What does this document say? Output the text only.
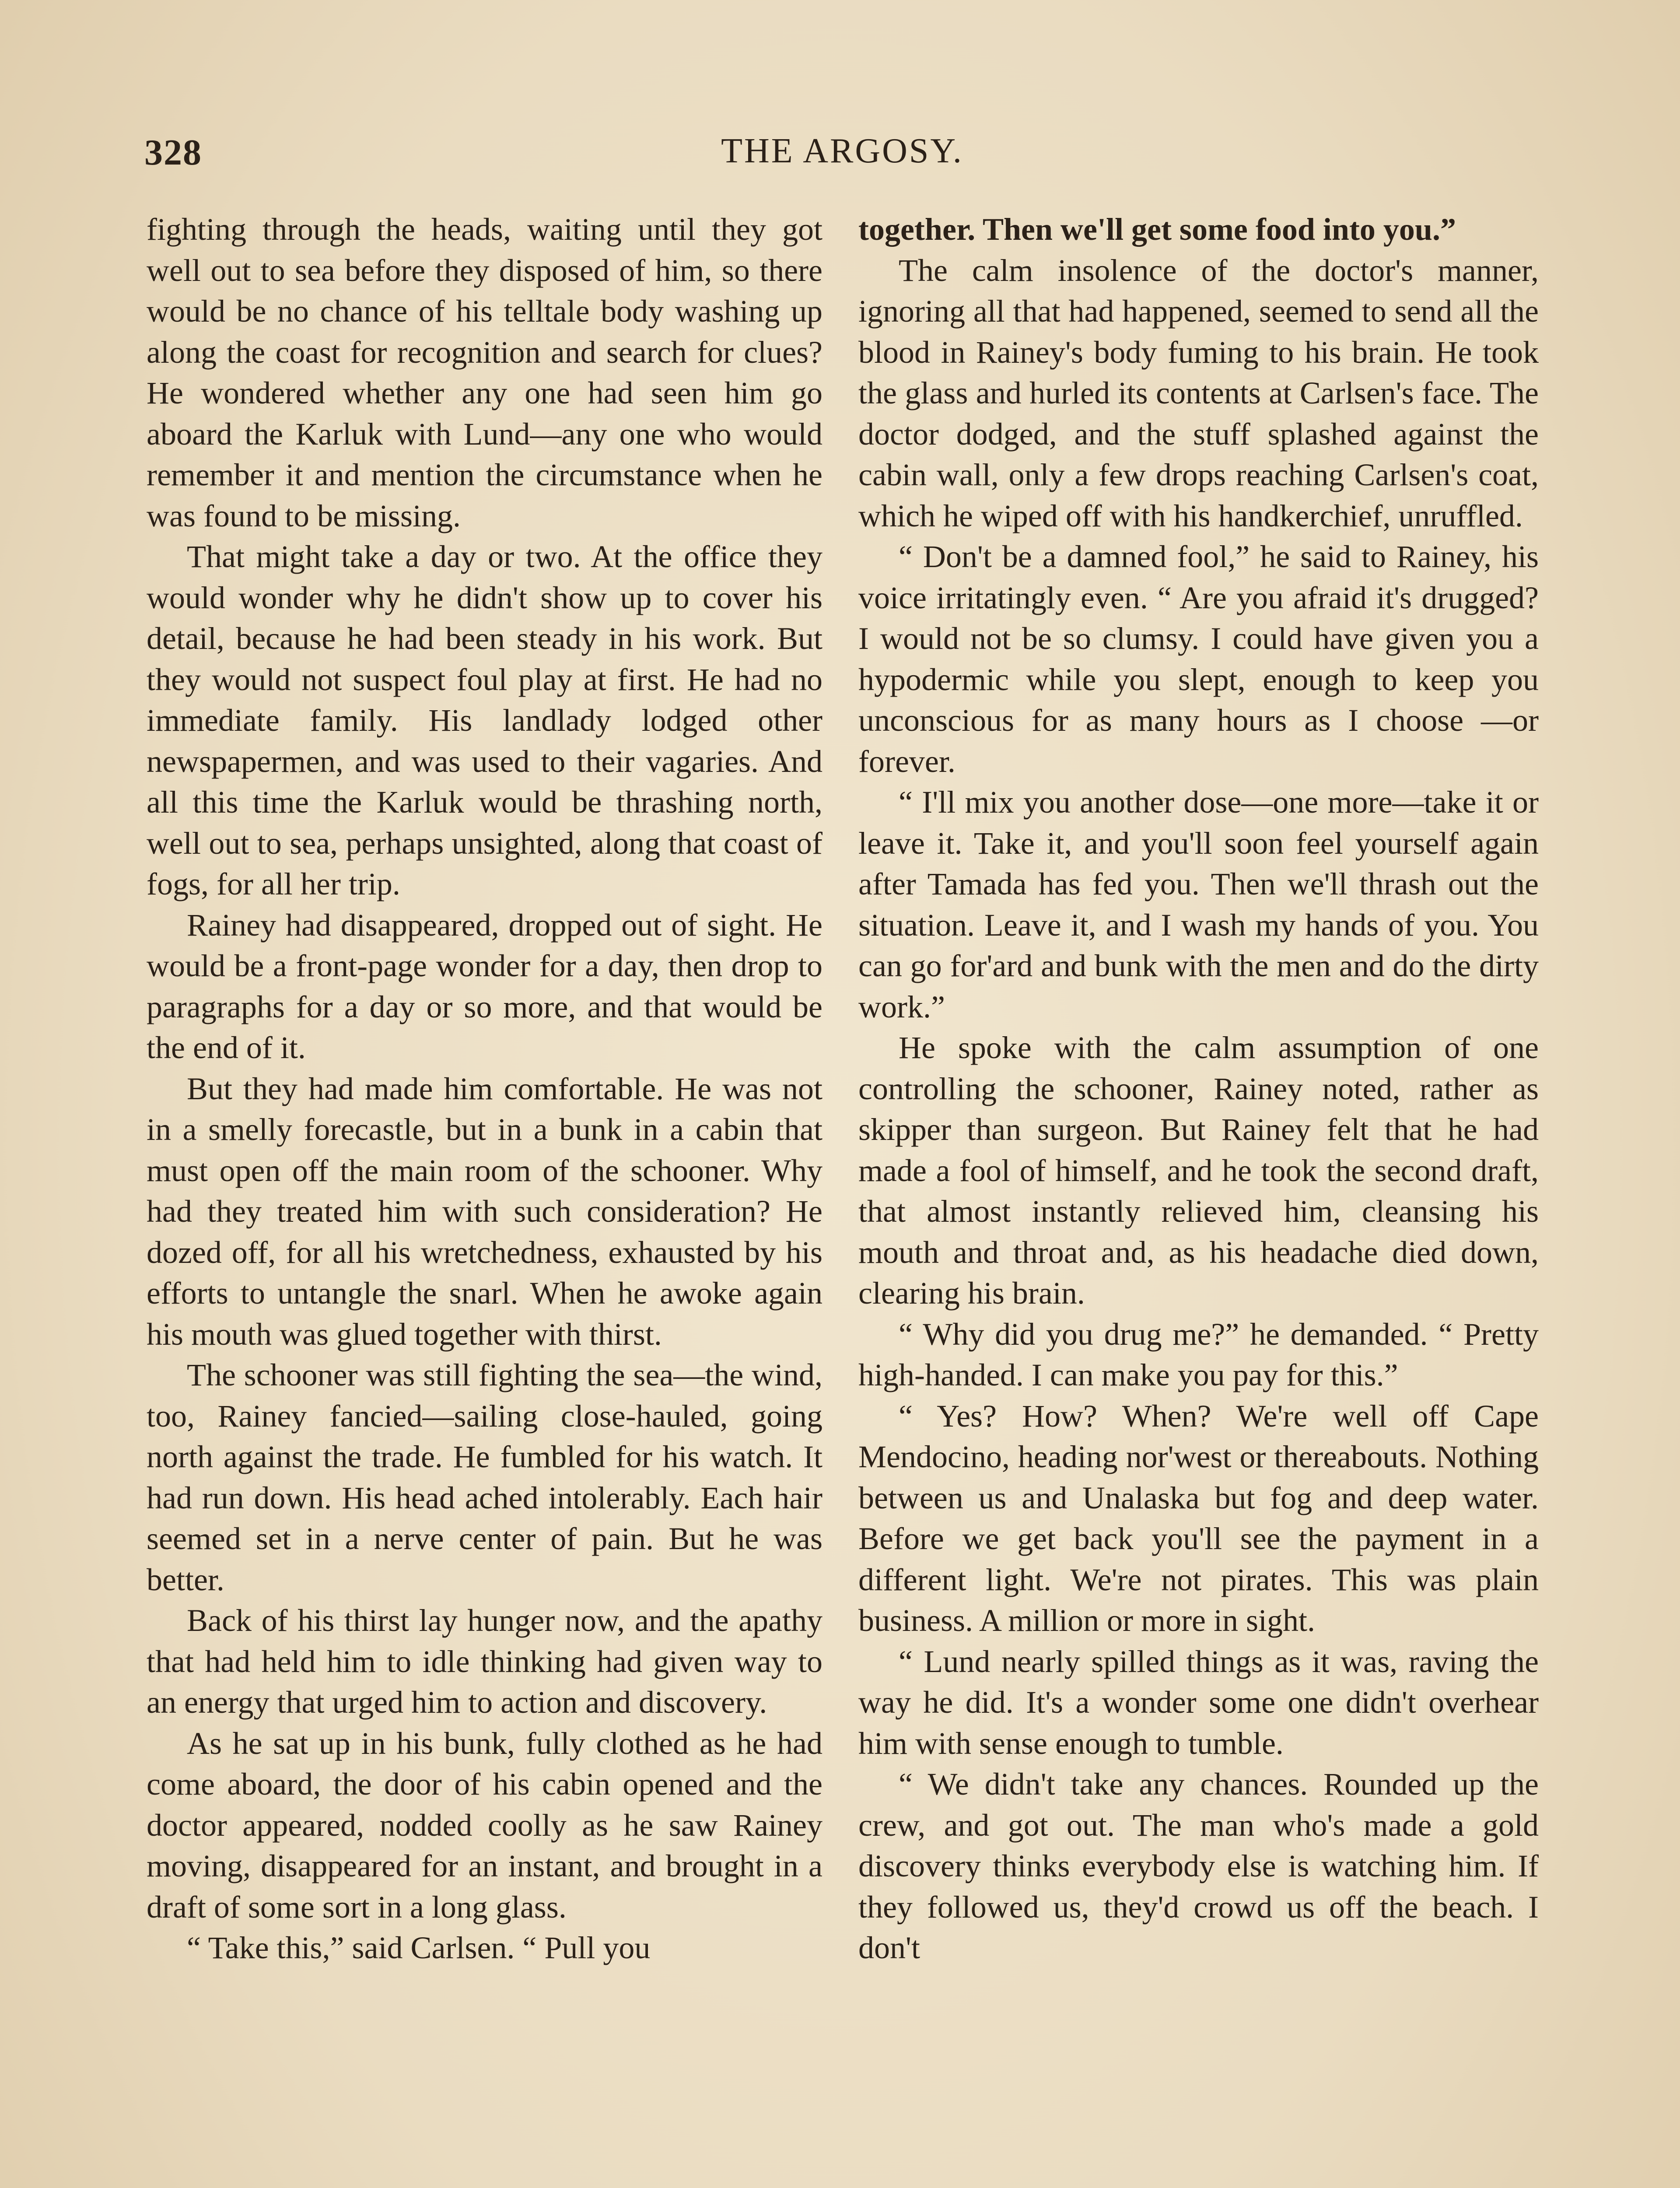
328	THE ARGOSY.

fighting through the heads, waiting until they got well out to sea before they disposed of him, so there would be no chance of his telltale body washing up along the coast for recognition and search for clues? He wondered whether any one had seen him go aboard the Karluk with Lund—any one who would remember it and mention the circumstance when he was found to be missing.

That might take a day or two. At the office they would wonder why he didn't show up to cover his detail, because he had been steady in his work. But they would not suspect foul play at first. He had no immediate family. His landlady lodged other newspapermen, and was used to their vagaries. And all this time the Karluk would be thrashing north, well out to sea, perhaps unsighted, along that coast of fogs, for all her trip.

Rainey had disappeared, dropped out of sight. He would be a front-page wonder for a day, then drop to paragraphs for a day or so more, and that would be the end of it.

But they had made him comfortable. He was not in a smelly forecastle, but in a bunk in a cabin that must open off the main room of the schooner. Why had they treated him with such consideration? He dozed off, for all his wretchedness, exhausted by his efforts to untangle the snarl. When he awoke again his mouth was glued together with thirst.

The schooner was still fighting the sea—the wind, too, Rainey fancied—sailing close-hauled, going north against the trade. He fumbled for his watch. It had run down. His head ached intolerably. Each hair seemed set in a nerve center of pain. But he was better.

Back of his thirst lay hunger now, and the apathy that had held him to idle thinking had given way to an energy that urged him to action and discovery.

As he sat up in his bunk, fully clothed as he had come aboard, the door of his cabin opened and the doctor appeared, nodded coolly as he saw Rainey moving, disappeared for an instant, and brought in a draft of some sort in a long glass.

“ Take this,” said Carlsen. “ Pull you

together. Then we'll get some food into you.”

The calm insolence of the doctor's manner, ignoring all that had happened, seemed to send all the blood in Rainey's body fuming to his brain. He took the glass and hurled its contents at Carlsen's face. The doctor dodged, and the stuff splashed against the cabin wall, only a few drops reaching Carlsen's coat, which he wiped off with his handkerchief, unruffled.

“ Don't be a damned fool,” he said to Rainey, his voice irritatingly even. “ Are you afraid it's drugged? I would not be so clumsy. I could have given you a hypodermic while you slept, enough to keep you unconscious for as many hours as I choose —or forever.

“ I'll mix you another dose—one more—take it or leave it. Take it, and you'll soon feel yourself again after Tamada has fed you. Then we'll thrash out the situation. Leave it, and I wash my hands of you. You can go for'ard and bunk with the men and do the dirty work.”

He spoke with the calm assumption of one controlling the schooner, Rainey noted, rather as skipper than surgeon. But Rainey felt that he had made a fool of himself, and he took the second draft, that almost instantly relieved him, cleansing his mouth and throat and, as his headache died down, clearing his brain.

“ Why did you drug me?” he demanded. “ Pretty high-handed. I can make you pay for this.”

“ Yes? How? When? We're well off Cape Mendocino, heading nor'west or thereabouts. Nothing between us and Unalaska but fog and deep water. Before we get back you'll see the payment in a different light. We're not pirates. This was plain business. A million or more in sight.

“ Lund nearly spilled things as it was, raving the way he did. It's a wonder some one didn't overhear him with sense enough to tumble.

“ We didn't take any chances. Rounded up the crew, and got out. The man who's made a gold discovery thinks everybody else is watching him. If they followed us, they'd crowd us off the beach. I don't
